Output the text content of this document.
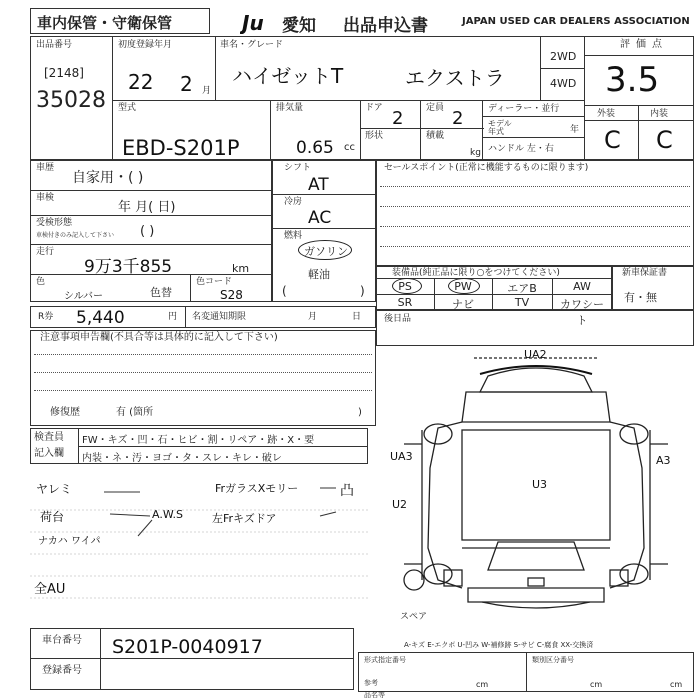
車内保管・守衛保管	Ju 愛知 出品申込書	JAPAN USED CAR DEALERS ASSOCIATION
出品番号
[2148]
35028
初度登録年月
22 2 月
車名・グレード
ハイゼットT	エクストラ
2WD
4WD
評価点
3.5
外装	内装
C C
型式
EBD-S201P
排気量
0.65 cc
ドア 2	定員 2
形状	積載
kg
ディーラー・並行
モデル
年式	年
ハンドル 左・右
車歴
自家用・( )
車検
年 月( 日)
受検形態
車検付きのみ記入して下さい ( )
走行
9万3千855	km
色
シルバー	色替
色コード
S28
シフト
AT
冷房
AC
燃料
ガソリン
軽油
(	)
セールスポイント(正常に機能するものに限ります)
装備品(純正品に限り○をつけてください)
PS	PW	エアB	AW
SR	ナビ	TV	カワシート
新車保証書
有・無
R券 5,440	円 名変通知期限	月	日	後日品
注意事項申告欄(不具合等は具体的に記入して下さい)
修復歴	有 (箇所	)
検査員
記入欄
FW・キズ・凹・石・ヒビ・割・リペア・跡・X・要
内装・ネ・汚・ヨゴ・タ・スレ・キレ・破レ
ヤレミ
荷台
ナカハ ワイパ
A.W.S
FrガラスXモリー
左Frキズドア
凸
全AU
UA2
U3
UA3	A3
U2
スペア
A-キズ E-エクボ U-凹み W-補修跡 S-サビ C-腐食 XX-交換済
車台番号 S201P-0040917
登録番号
形式指定番号	類別区分番号
参考	cm	cm	cm
品名等
